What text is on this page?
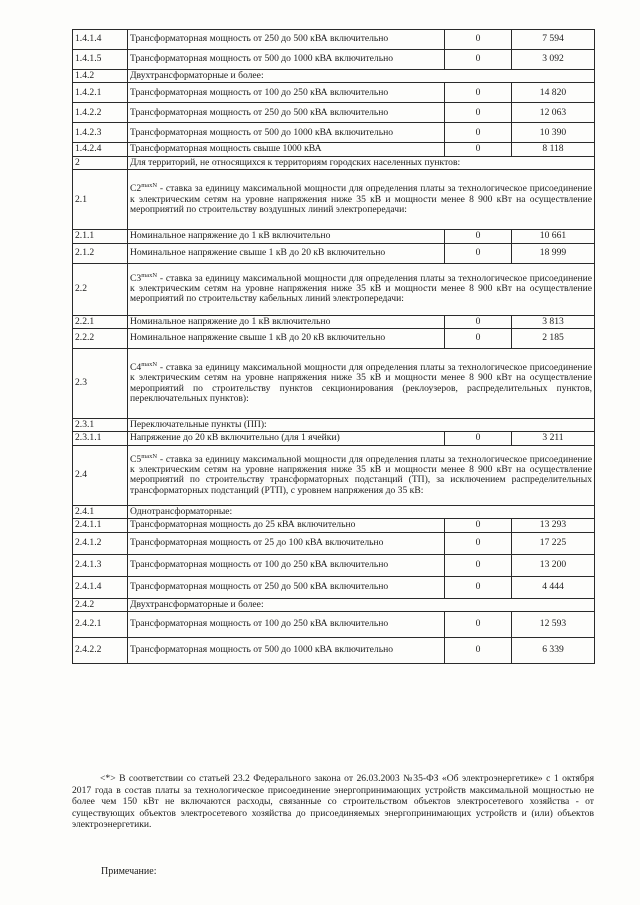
1.4.1.4	Трансформаторная мощность от 250 до 500 кВА включительно	0	7 594
1.4.1.5	Трансформаторная мощность от 500 до 1000 кВА включительно	0	3 092
1.4.2	Двухтрансформаторные и более:		
1.4.2.1	Трансформаторная мощность от 100 до 250 кВА включительно	0	14 820
1.4.2.2	Трансформаторная мощность от 250 до 500 кВА включительно	0	12 063
1.4.2.3	Трансформаторная мощность от 500 до 1000 кВА включительно	0	10 390
1.4.2.4	Трансформаторная мощность свыше 1000 кВА	0	8 118
2	Для территорий, не относящихся к территориям городских населенных пунктов:		
2.1	$C2^{maxN}$ - ставка за единицу максимальной мощности для определения платы за технологическое присоединение к электрическим сетям на уровне напряжения ниже 35 кВ и мощности менее 8 900 кВт на осуществление мероприятий по строительству воздушных линий электропередачи:		
2.1.1	Номинальное напряжение до 1 кВ включительно	0	10 661
2.1.2	Номинальное напряжение свыше 1 кВ до 20 кВ включительно	0	18 999
2.2	$C3^{maxN}$ - ставка за единицу максимальной мощности для определения платы за технологическое присоединение к электрическим сетям на уровне напряжения ниже 35 кВ и мощности менее 8 900 кВт на осуществление мероприятий по строительству кабельных линий электропередачи:		
2.2.1	Номинальное напряжение до 1 кВ включительно	0	3 813
2.2.2	Номинальное напряжение свыше 1 кВ до 20 кВ включительно	0	2 185
2.3	$C4^{maxN}$ - ставка за единицу максимальной мощности для определения платы за технологическое присоединение к электрическим сетям на уровне напряжения ниже 35 кВ и мощности менее 8 900 кВт на осуществление мероприятий по строительству пунктов секционирования (реклоузеров, распределительных пунктов, переключательных пунктов):		
2.3.1	Переключательные пункты (ПП):		
2.3.1.1	Напряжение до 20 кВ включительно (для 1 ячейки)	0	3 211
2.4	$C5^{maxN}$ - ставка за единицу максимальной мощности для определения платы за технологическое присоединение к электрическим сетям на уровне напряжения ниже 35 кВ и мощности менее 8 900 кВт на осуществление мероприятий по строительству трансформаторных подстанций (ТП), за исключением распределительных трансформаторных подстанций (РТП), с уровнем напряжения до 35 кВ:		
2.4.1	Однотрансформаторные:		
2.4.1.1	Трансформаторная мощность до 25 кВА включительно	0	13 293
2.4.1.2	Трансформаторная мощность от 25 до 100 кВА включительно	0	17 225
2.4.1.3	Трансформаторная мощность от 100 до 250 кВА включительно	0	13 200
2.4.1.4	Трансформаторная мощность от 250 до 500 кВА включительно	0	4 444
2.4.2	Двухтрансформаторные и более:		
2.4.2.1	Трансформаторная мощность от 100 до 250 кВА включительно	0	12 593
2.4.2.2	Трансформаторная мощность от 500 до 1000 кВА включительно	0	6 339

<*> В соответствии со статьей 23.2 Федерального закона от 26.03.2003 №35-ФЗ «Об электроэнергетике» с 1 октября 2017 года в состав платы за технологическое присоединение энергопринимающих устройств максимальной мощностью не более чем 150 кВт не включаются расходы, связанные со строительством объектов электросетевого хозяйства - от существующих объектов электросетевого хозяйства до присоединяемых энергопринимающих устройств и (или) объектов электроэнергетики.

Примечание:
